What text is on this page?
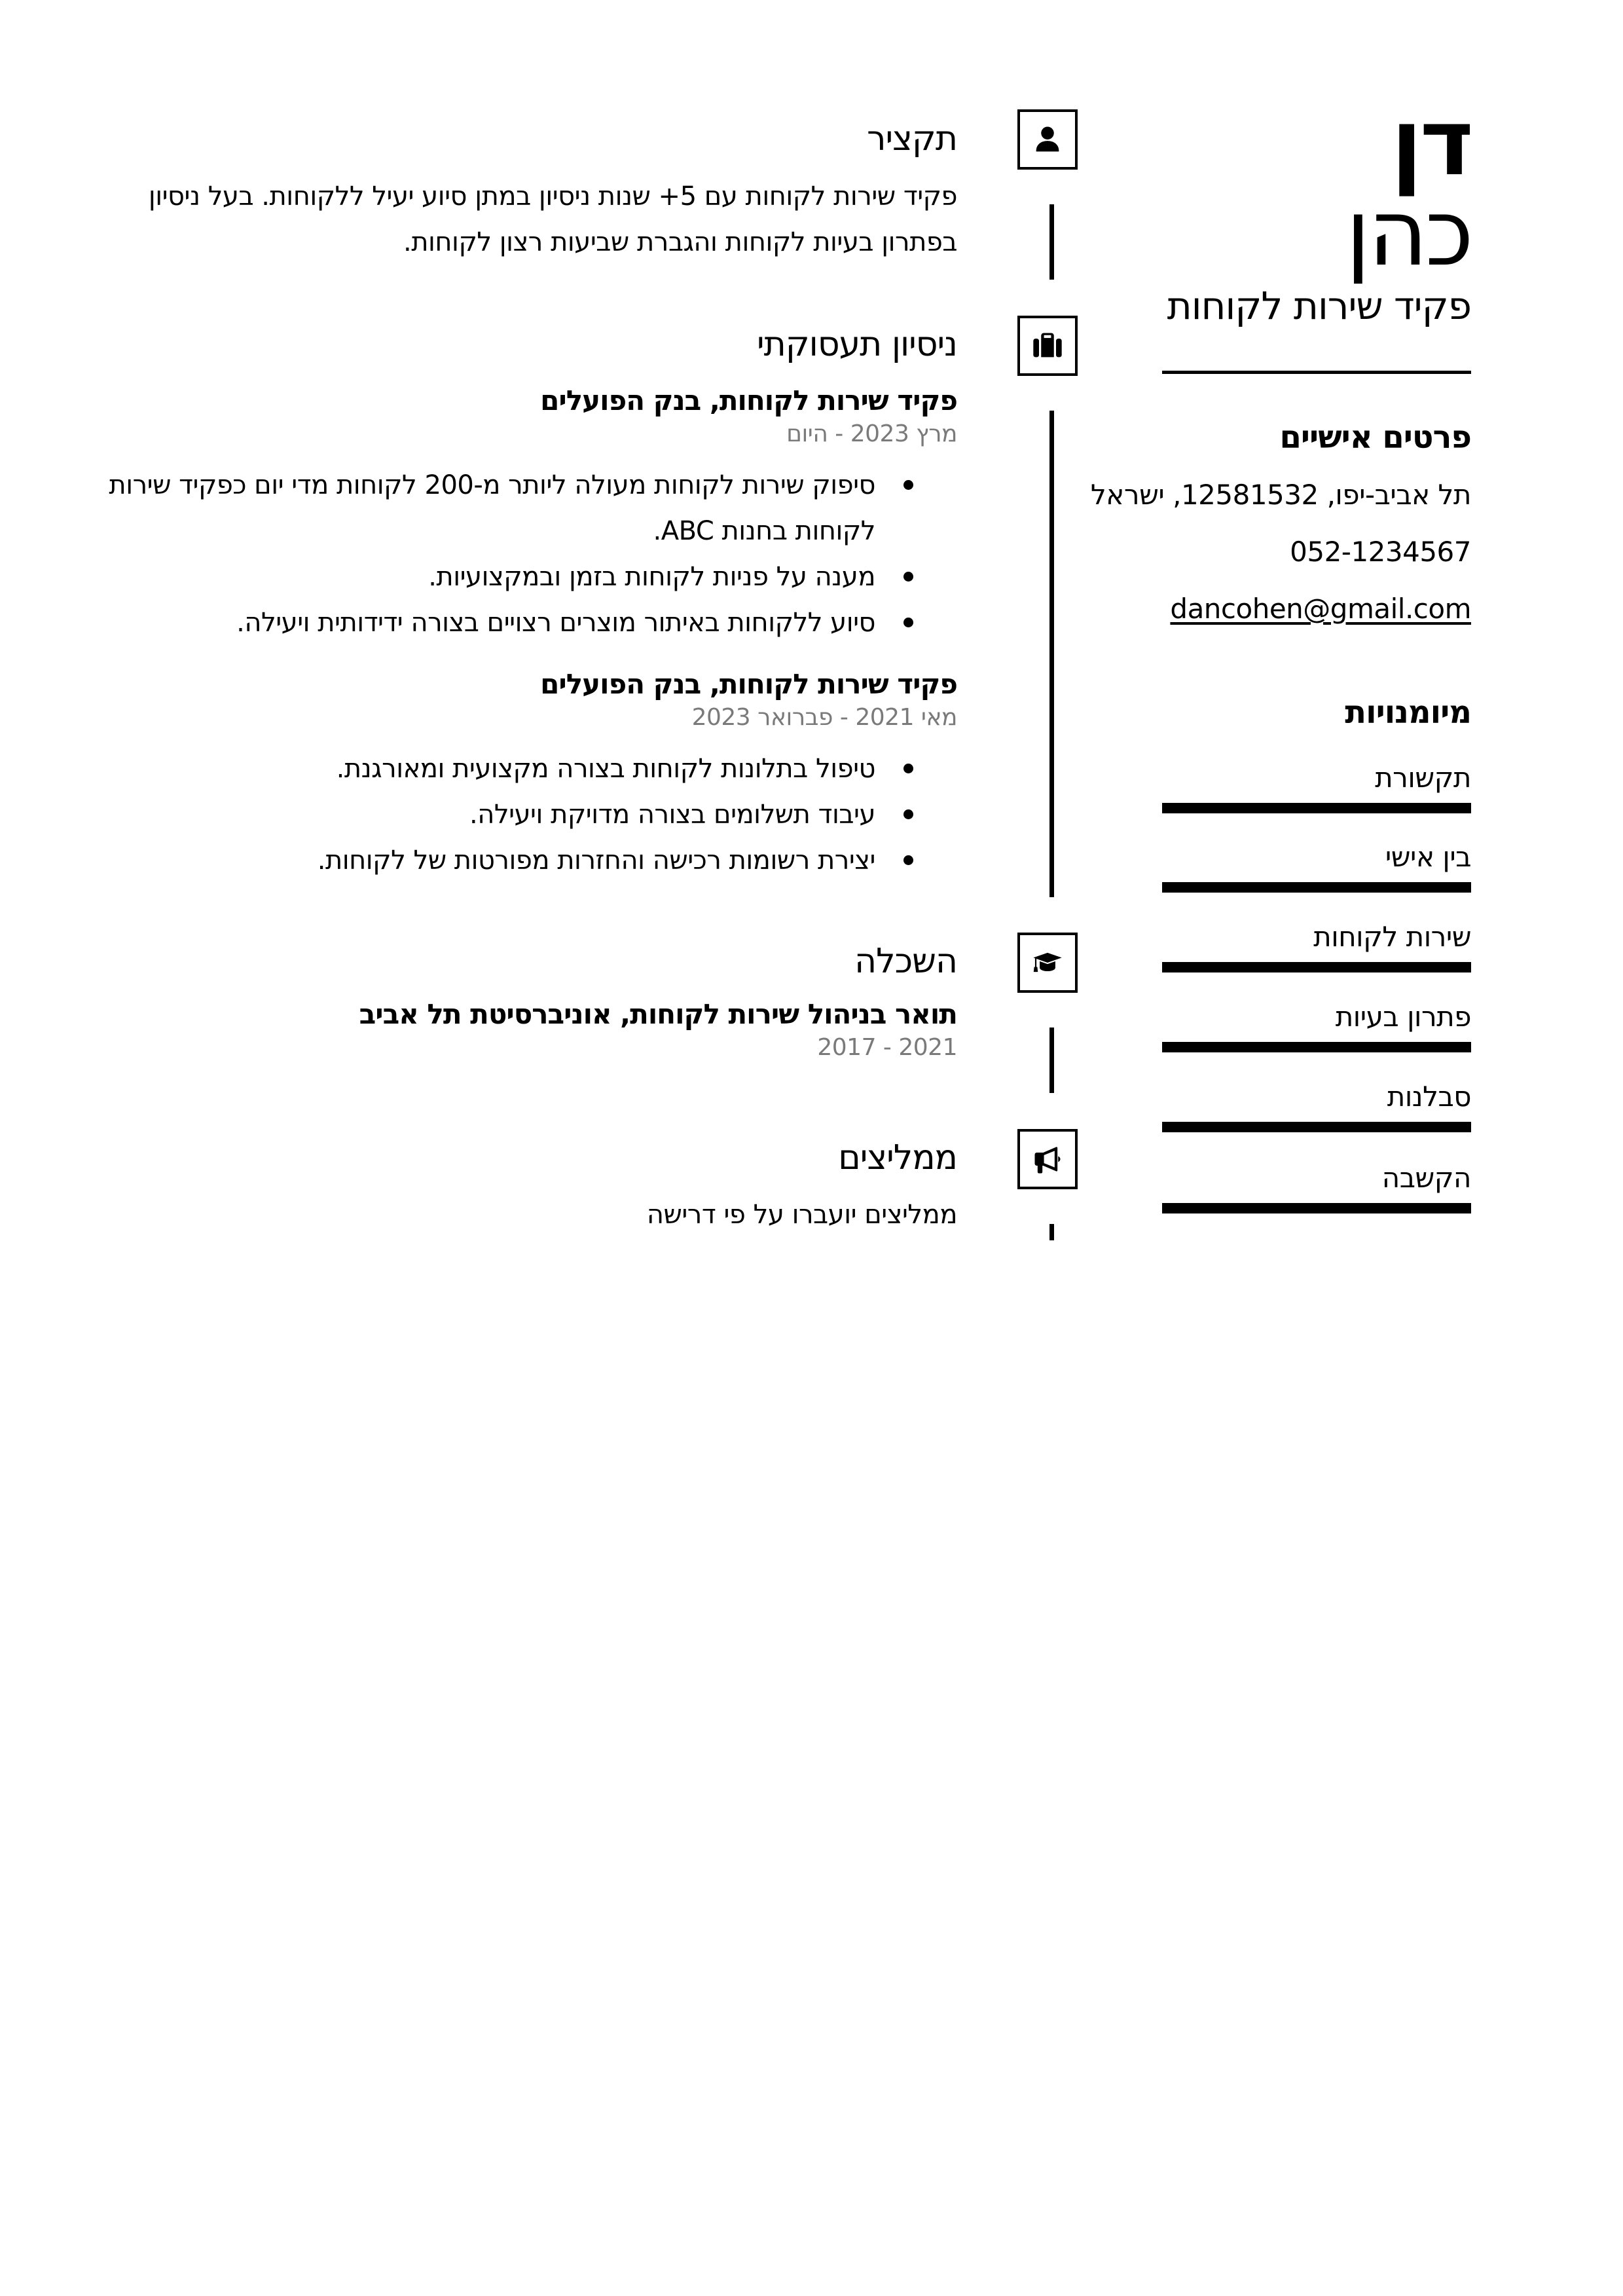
דן
כהן
פקיד שירות לקוחות
פרטים אישיים
תל אביב-יפו, 12581532, ישראל
052-1234567
dancohen@gmail.com
מיומנויות
תקשורת
בין אישי
שירות לקוחות
פתרון בעיות
סבלנות
הקשבה
תקציר
פקיד שירות לקוחות עם 5+ שנות ניסיון במתן סיוע יעיל ללקוחות. בעל ניסיון בפתרון בעיות לקוחות והגברת שביעות רצון לקוחות.
ניסיון תעסוקתי
פקיד שירות לקוחות, בנק הפועלים
מרץ 2023 - היום
סיפוק שירות לקוחות מעולה ליותר מ-200 לקוחות מדי יום כפקיד שירות לקוחות בחנות ABC.
מענה על פניות לקוחות בזמן ובמקצועיות.
סיוע ללקוחות באיתור מוצרים רצויים בצורה ידידותית ויעילה.
פקיד שירות לקוחות, בנק הפועלים
מאי 2021 - פברואר 2023
טיפול בתלונות לקוחות בצורה מקצועית ומאורגנת.
עיבוד תשלומים בצורה מדויקת ויעילה.
יצירת רשומות רכישה והחזרות מפורטות של לקוחות.
השכלה
תואר בניהול שירות לקוחות, אוניברסיטת תל אביב
2017 - 2021
ממליצים
ממליצים יועברו על פי דרישה
